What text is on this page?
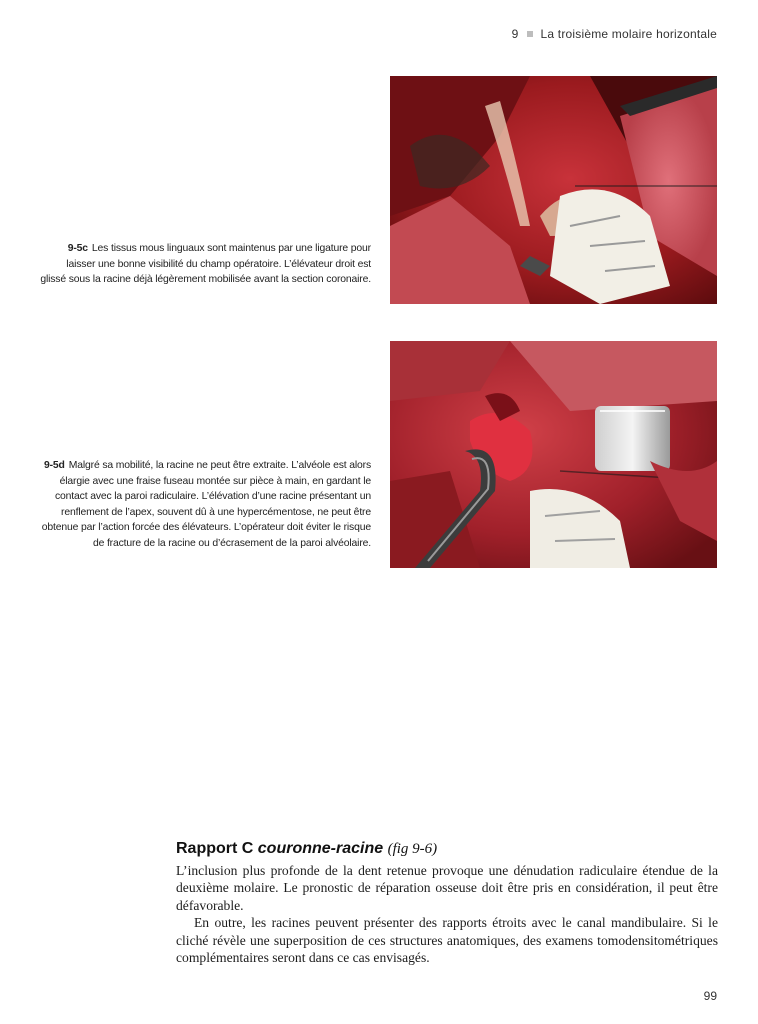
9 La troisième molaire horizontale
9-5c Les tissus mous linguaux sont maintenus par une ligature pour laisser une bonne visibilité du champ opératoire. L’élévateur droit est glissé sous la racine déjà légèrement mobilisée avant la section coronaire.
9-5d Malgré sa mobilité, la racine ne peut être extraite. L’alvéole est alors élargie avec une fraise fuseau montée sur pièce à main, en gardant le contact avec la paroi radiculaire. L’élévation d’une racine présentant un renflement de l’apex, souvent dû à une hypercémentose, ne peut être obtenue par l’action forcée des élévateurs. L’opérateur doit éviter le risque de fracture de la racine ou d’écrasement de la paroi alvéolaire.
Rapport C couronne-racine (fig 9-6)

L’inclusion plus profonde de la dent retenue provoque une dénudation radiculaire étendue de la deuxième molaire. Le pronostic de réparation osseuse doit être pris en considération, il peut être défavorable.

En outre, les racines peuvent présenter des rapports étroits avec le canal mandibulaire. Si le cliché révèle une superposition de ces structures anatomiques, des examens tomodensitométriques complémentaires seront dans ce cas envisagés.

99
